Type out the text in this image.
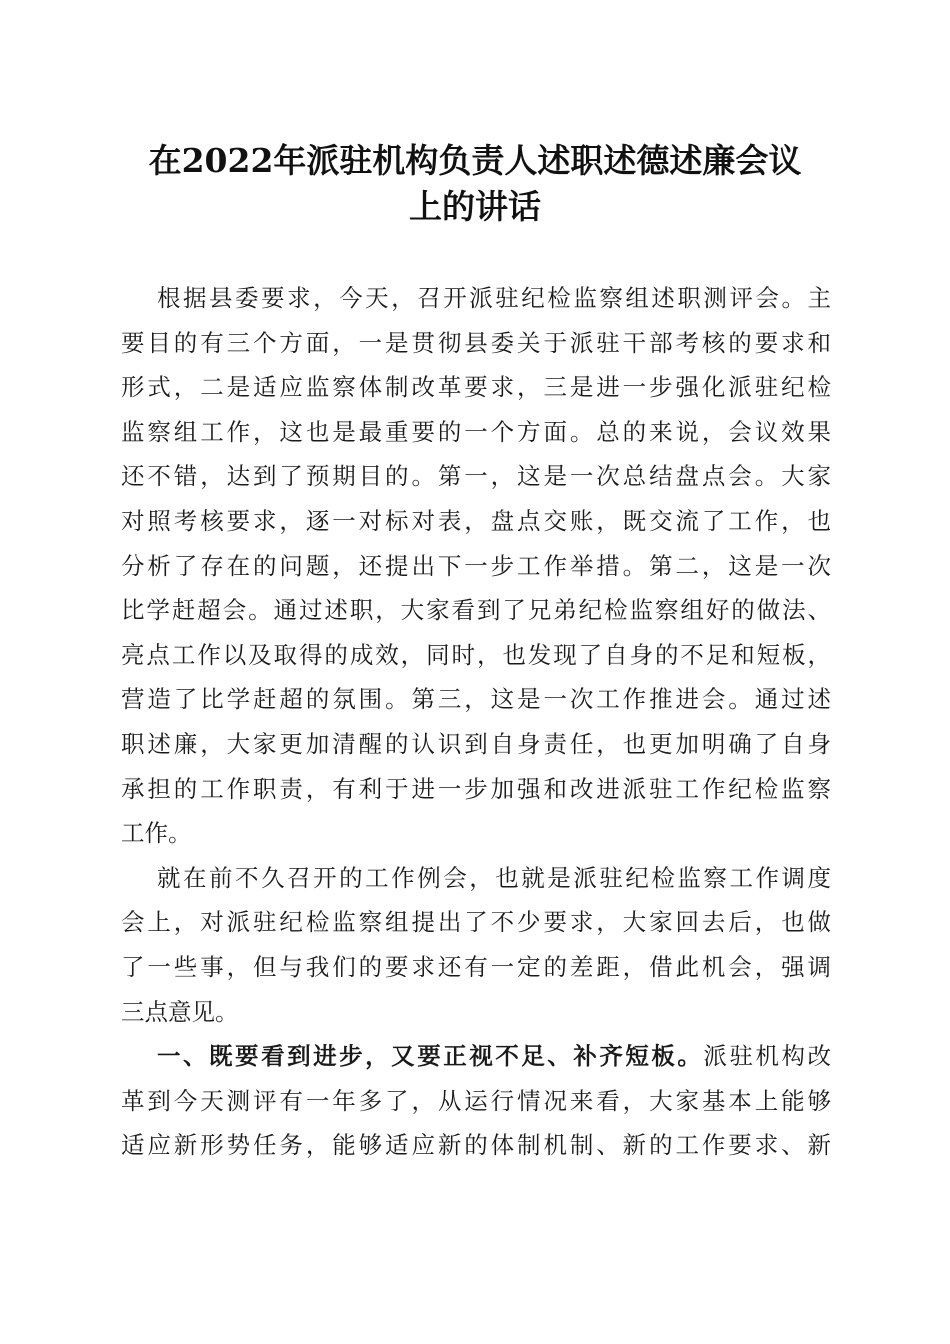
在2022年派驻机构负责人述职述德述廉会议
上的讲话
根据县委要求，今天，召开派驻纪检监察组述职测评会。主
要目的有三个方面，一是贯彻县委关于派驻干部考核的要求和
形式，二是适应监察体制改革要求，三是进一步强化派驻纪检
监察组工作，这也是最重要的一个方面。总的来说，会议效果
还不错，达到了预期目的。第一，这是一次总结盘点会。大家
对照考核要求，逐一对标对表，盘点交账，既交流了工作，也
分析了存在的问题，还提出下一步工作举措。第二，这是一次
比学赶超会。通过述职，大家看到了兄弟纪检监察组好的做法、
亮点工作以及取得的成效，同时，也发现了自身的不足和短板，
营造了比学赶超的氛围。第三，这是一次工作推进会。通过述
职述廉，大家更加清醒的认识到自身责任，也更加明确了自身
承担的工作职责，有利于进一步加强和改进派驻工作纪检监察
工作。
就在前不久召开的工作例会，也就是派驻纪检监察工作调度
会上，对派驻纪检监察组提出了不少要求，大家回去后，也做
了一些事，但与我们的要求还有一定的差距，借此机会，强调
三点意见。
一、既要看到进步，又要正视不足、补齐短板。派驻机构改
革到今天测评有一年多了，从运行情况来看，大家基本上能够
适应新形势任务，能够适应新的体制机制、新的工作要求、新
